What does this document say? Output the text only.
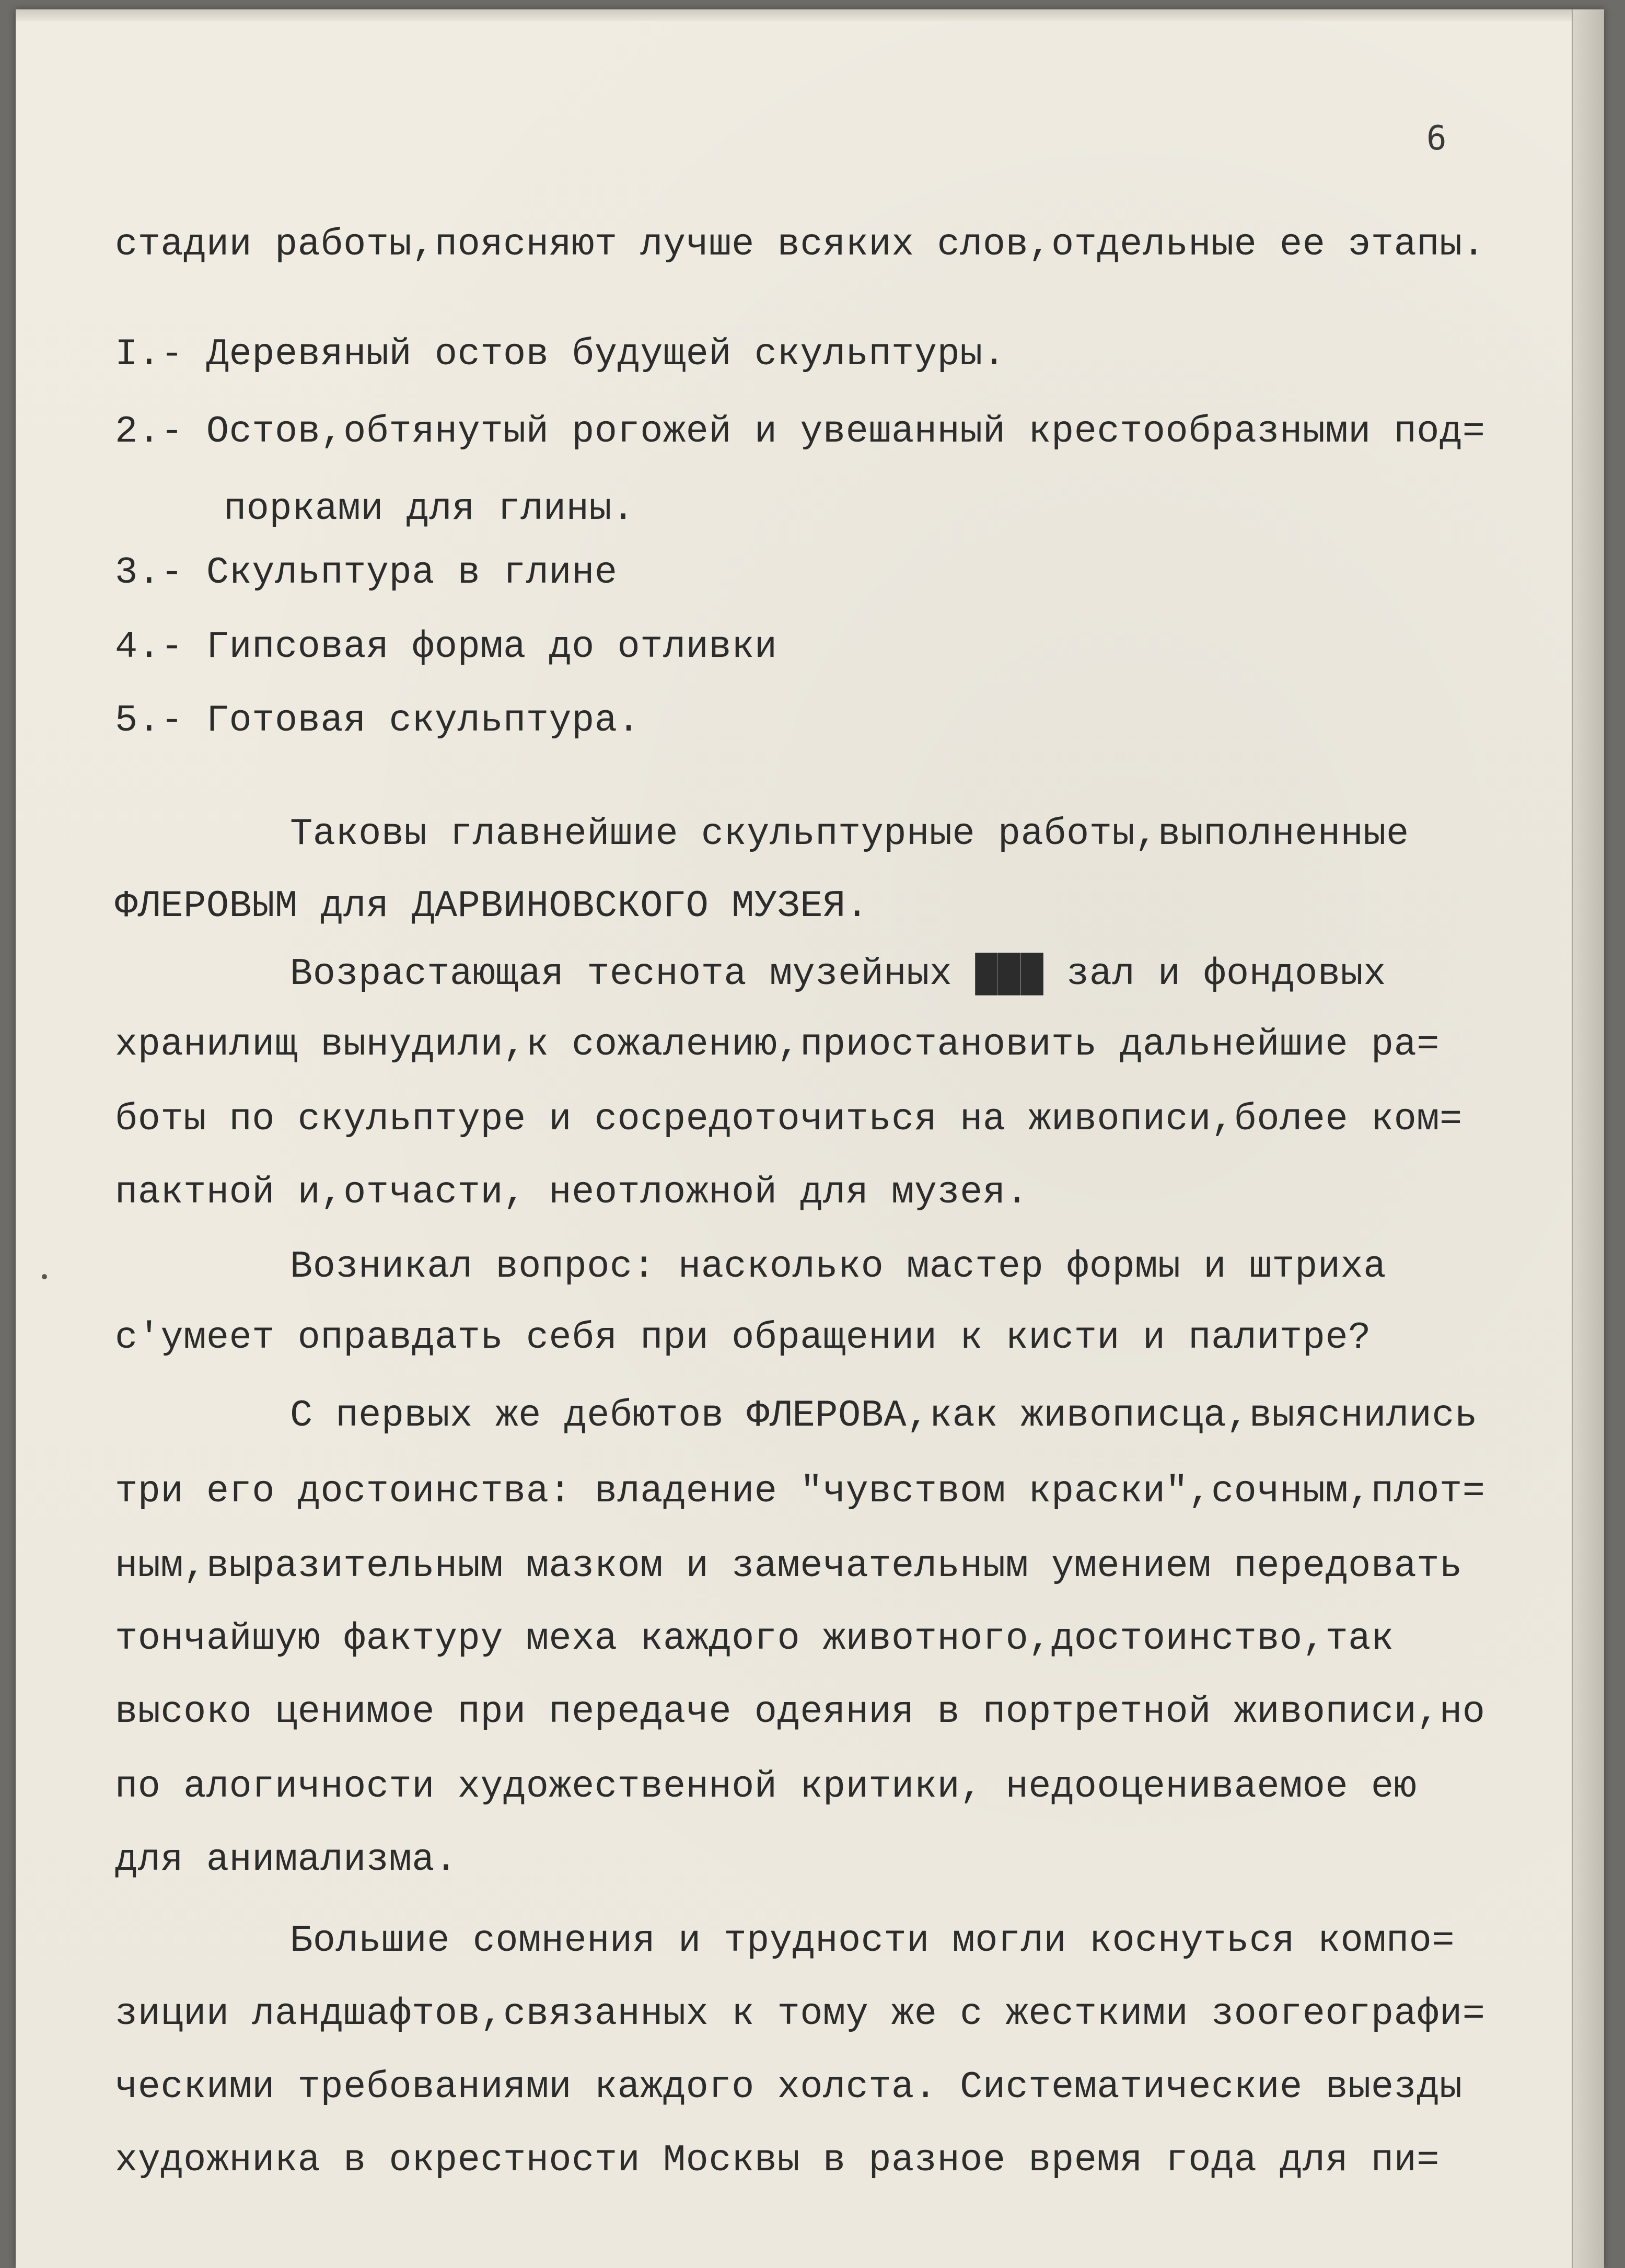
6
стадии работы,поясняют лучше всяких слов,отдельные ее этапы.
I.- Деревяный остов будущей скульптуры.
2.- Остов,обтянутый рогожей и увешанный крестообразными под=
порками для глины.
3.- Скульптура в глине
4.- Гипсовая форма до отливки
5.- Готовая скульптура.
Таковы главнейшие скульптурные работы,выполненные
ФЛЕРОВЫМ для ДАРВИНОВСКОГО МУЗЕЯ.
Возрастающая теснота музейных ███ зал и фондовых
хранилищ вынудили,к сожалению,приостановить дальнейшие ра=
боты по скульптуре и сосредоточиться на живописи,более ком=
пактной и,отчасти, неотложной для музея.
Возникал вопрос: насколько мастер формы и штриха
с'умеет оправдать себя при обращении к кисти и палитре?
С первых же дебютов ФЛЕРОВА,как живописца,выяснились
три его достоинства: владение "чувством краски",сочным,плот=
ным,выразительным мазком и замечательным умением передовать
тончайшую фактуру меха каждого животного,достоинство,так
высоко ценимое при передаче одеяния в портретной живописи,но
по алогичности художественной критики, недооцениваемое ею
для анимализма.
Большие сомнения и трудности могли коснуться компо=
зиции ландшафтов,связанных к тому же с жесткими зоогеографи=
ческими требованиями каждого холста. Систематические выезды
художника в окрестности Москвы в разное время года для пи=
